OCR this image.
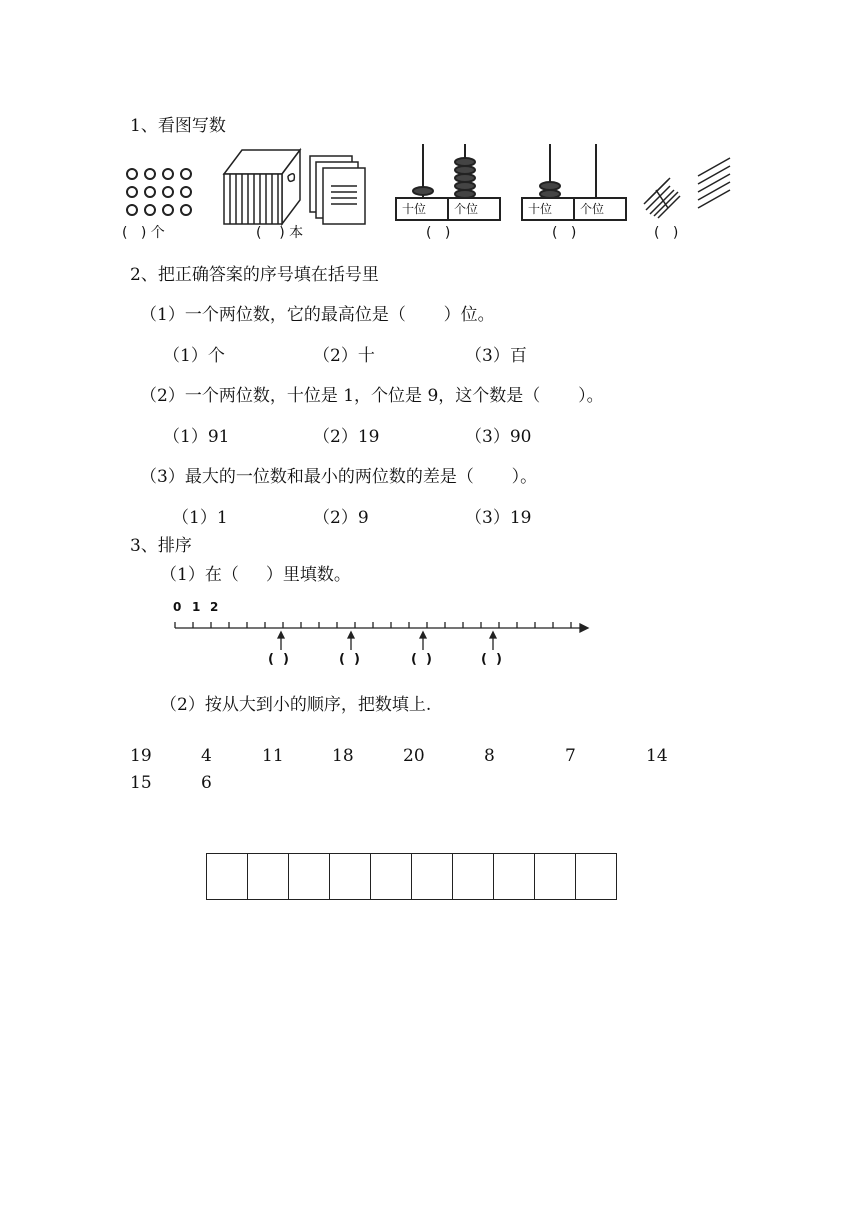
1、看图写数
十位 个位	十位 个位
(   ) 个	(    ) 本	(   )	(   )	(   )
2、把正确答案的序号填在括号里
（1）一个两位数，它的最高位是（       ）位。
（1）个	（2）十	（3）百
（2）一个两位数，十位是 1，个位是 9，这个数是（       ）。
（1）91	（2）19	（3）90
（3）最大的一位数和最小的两位数的差是（       ）。
（1）1	（2）9	（3）19
3、排序
（1）在（     ）里填数。
0 1 2
(  )	(  )	(  )	(  )
（2）按从大到小的顺序，把数填上.
19	4	11	18	20	8	7	14
15	6
